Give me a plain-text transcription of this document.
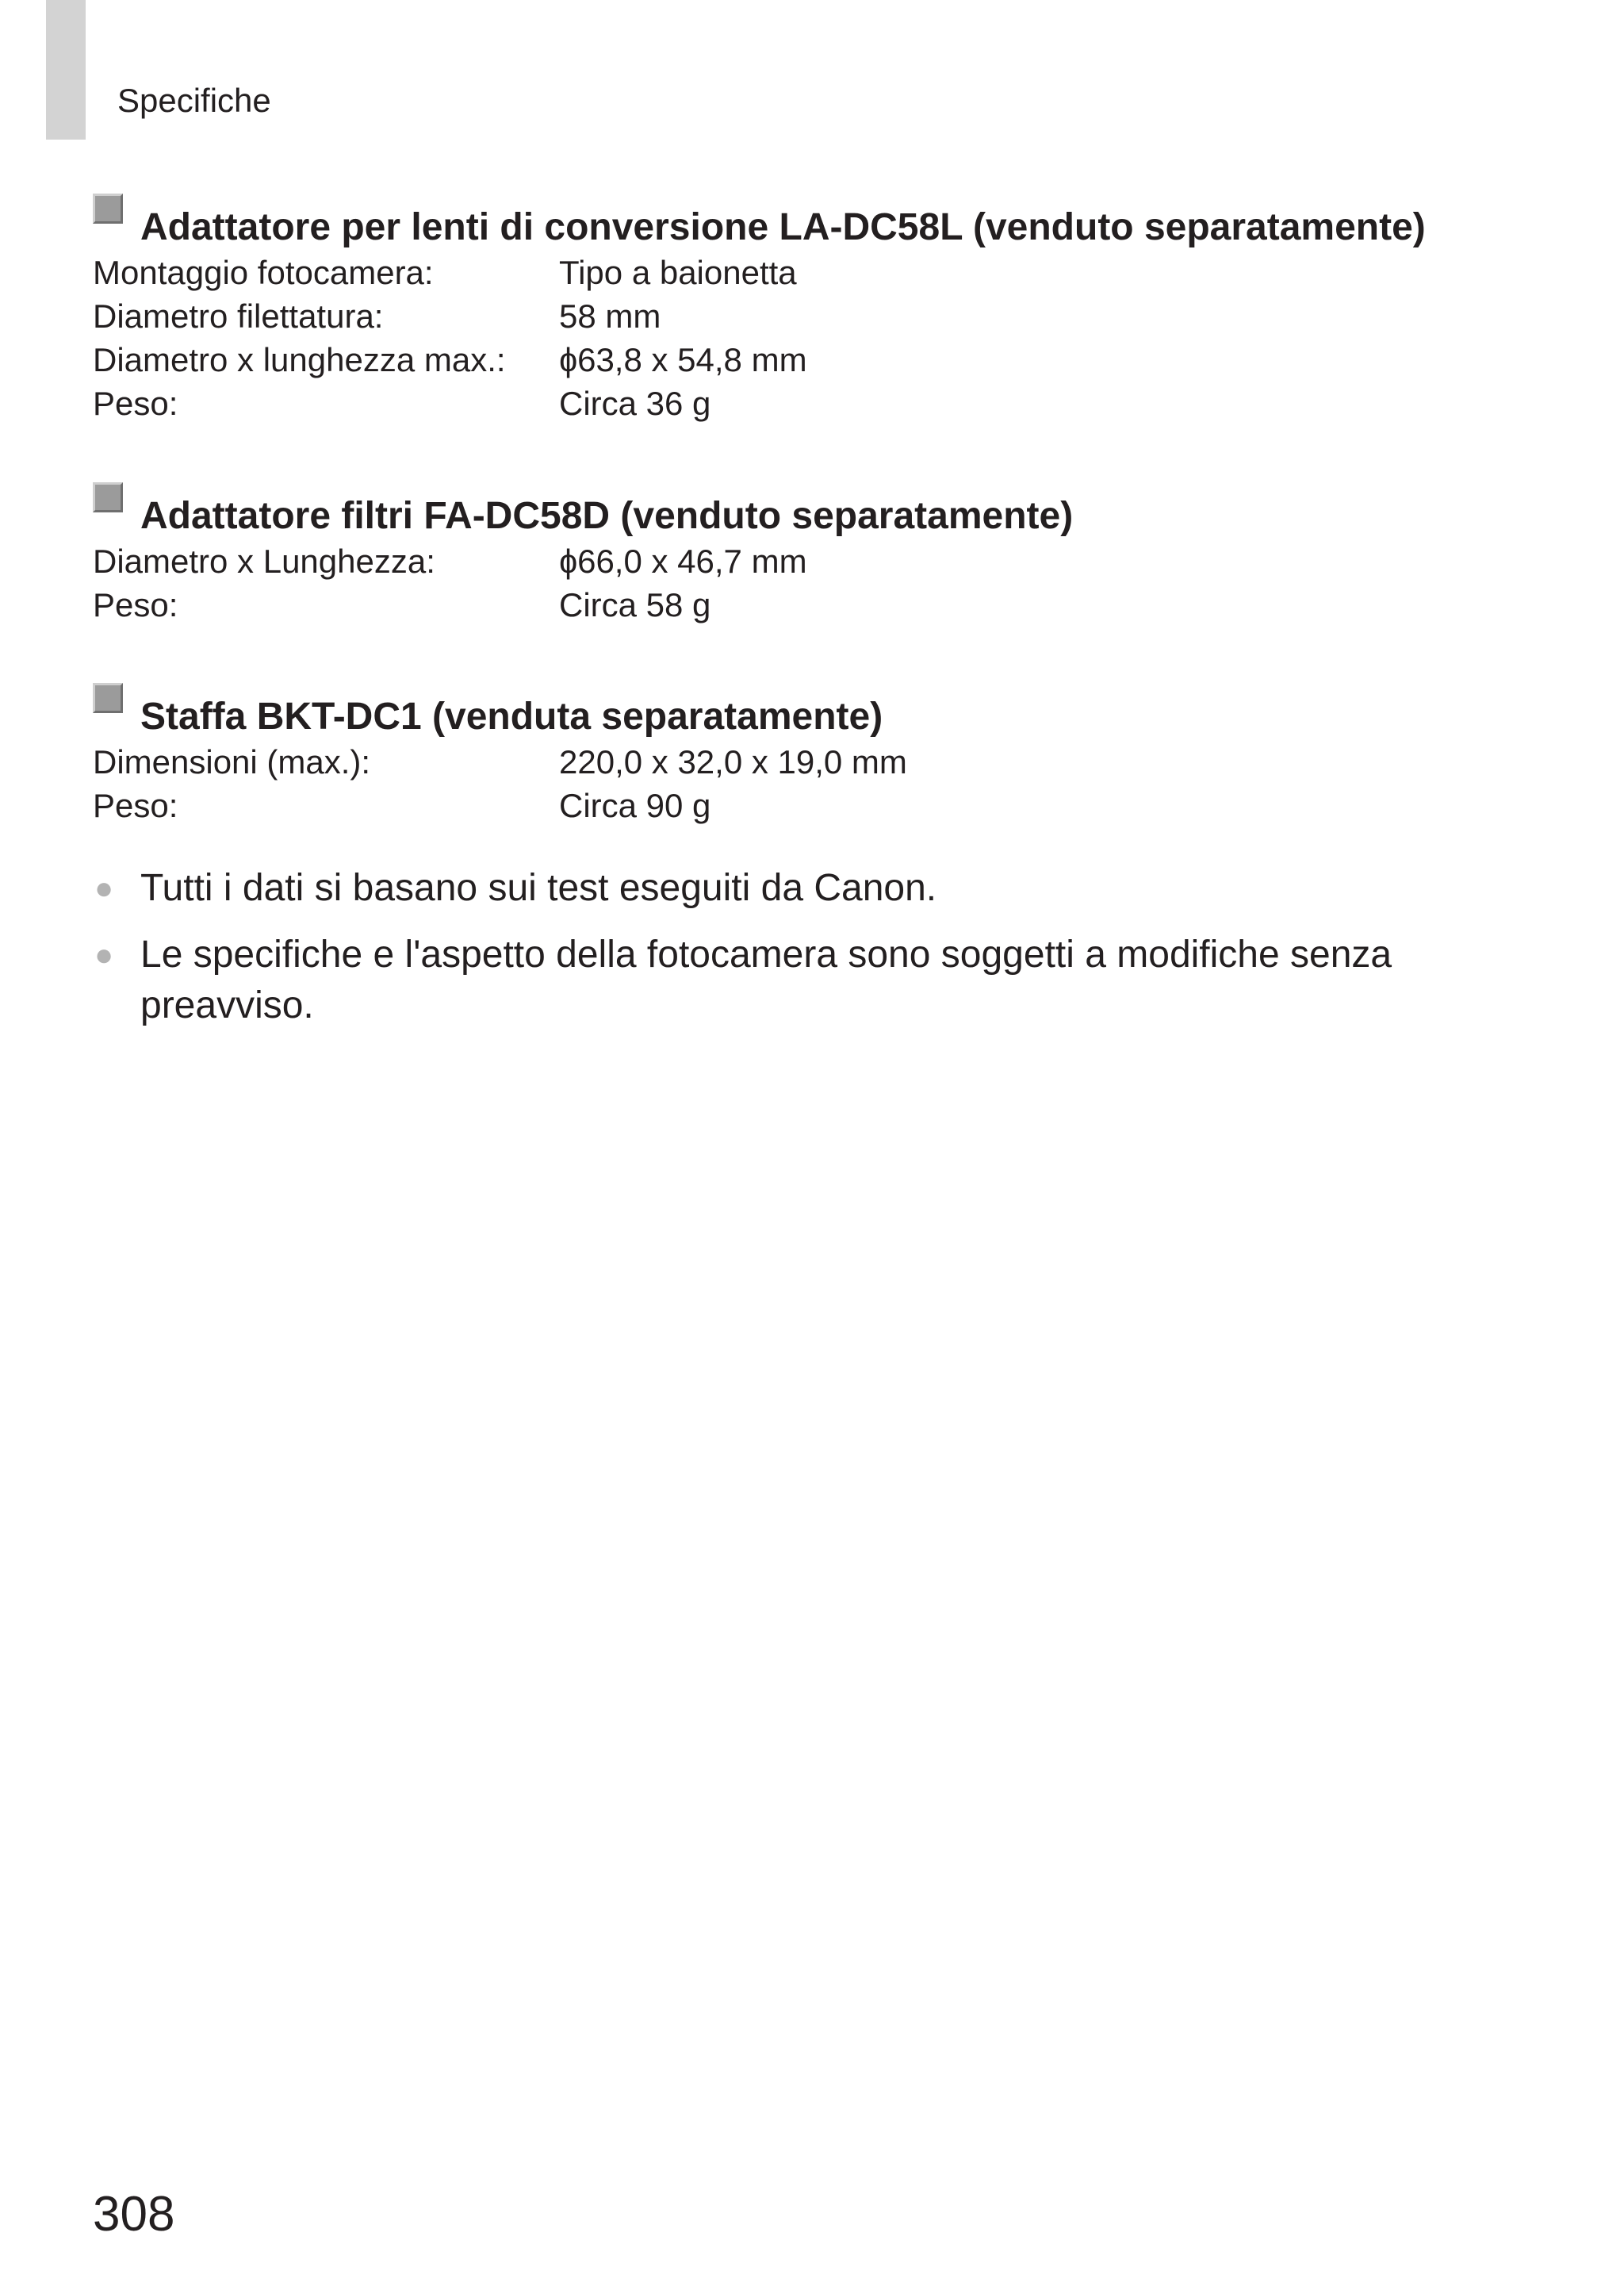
Specifiche
Adattatore per lenti di conversione LA-DC58L (venduto separatamente)
Montaggio fotocamera:	Tipo a baionetta
Diametro filettatura:	58 mm
Diametro x lunghezza max.: ɸ63,8 x 54,8 mm
Peso:	Circa 36 g
Adattatore filtri FA-DC58D (venduto separatamente)
Diametro x Lunghezza:	ɸ66,0 x 46,7 mm
Peso:	Circa 58 g
Staffa BKT-DC1 (venduta separatamente)
Dimensioni (max.):	220,0 x 32,0 x 19,0 mm
Peso:	Circa 90 g
● Tutti i dati si basano sui test eseguiti da Canon.
● Le specifiche e l'aspetto della fotocamera sono soggetti a modifiche senza preavviso.
308
